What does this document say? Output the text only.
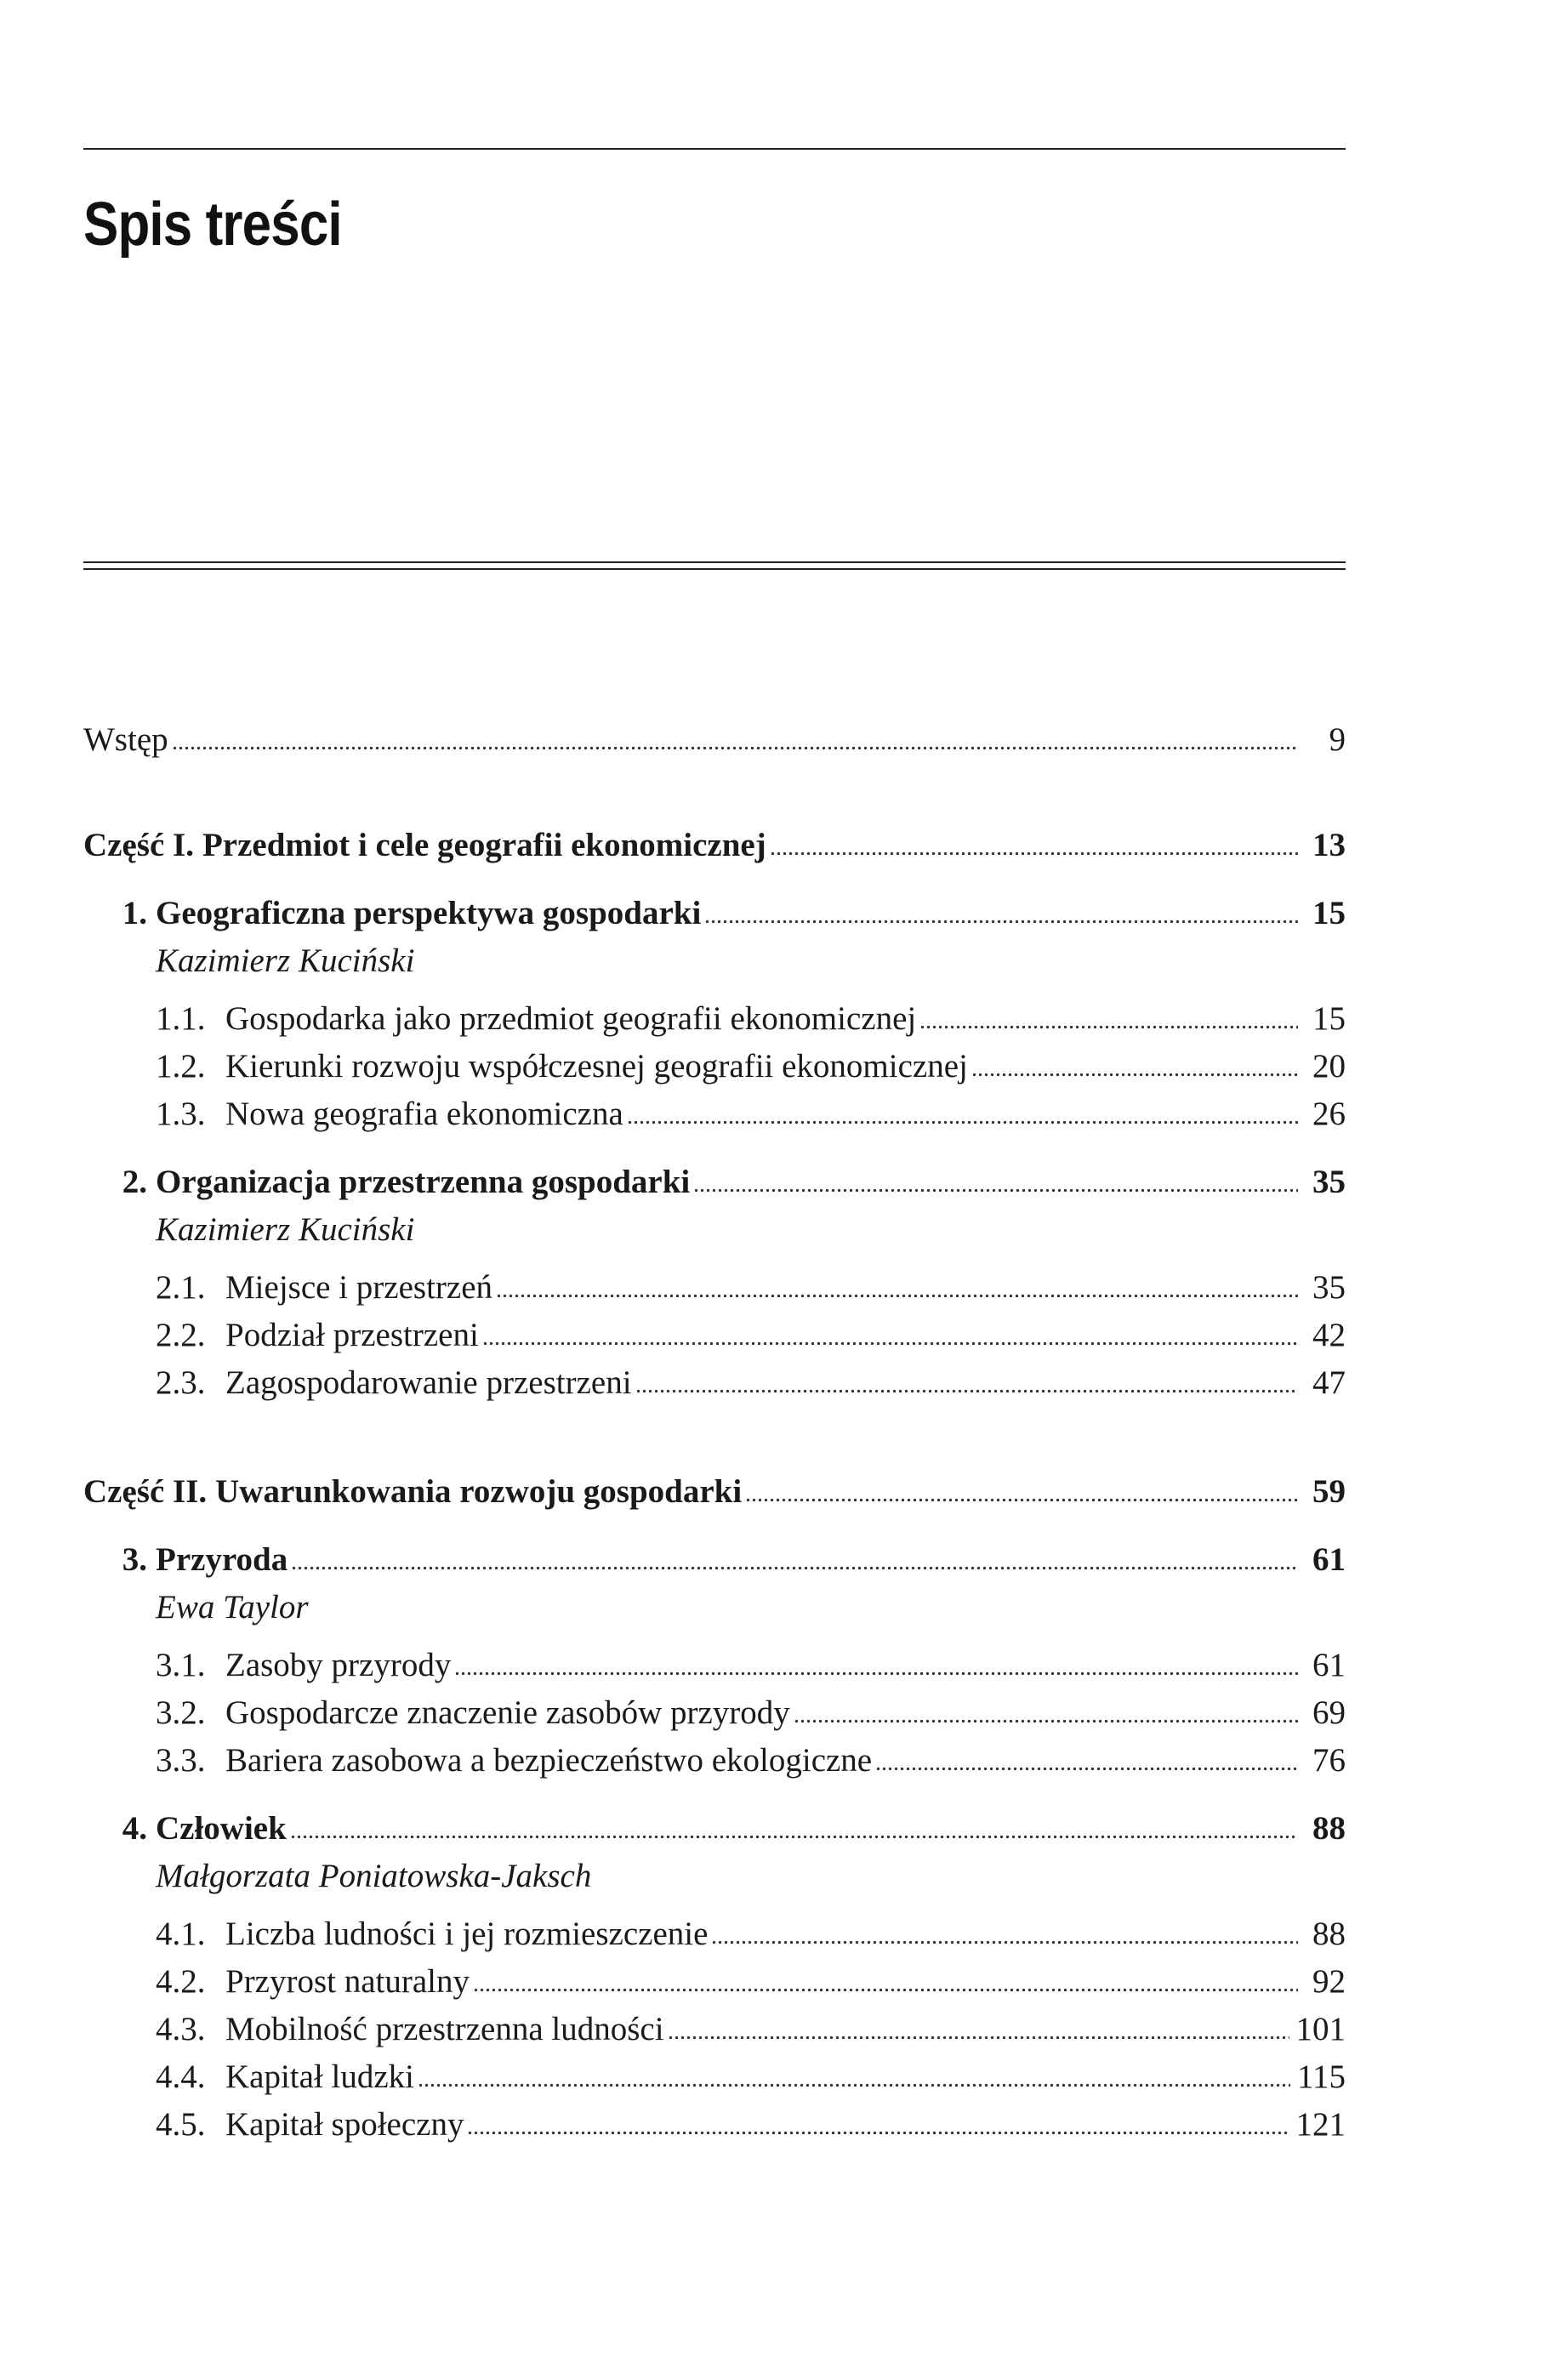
Spis treści
Wstęp	9
Część I. Przedmiot i cele geografii ekonomicznej	13
1. Geograficzna perspektywa gospodarki	15
Kazimierz Kuciński
1.1. Gospodarka jako przedmiot geografii ekonomicznej	15
1.2. Kierunki rozwoju współczesnej geografii ekonomicznej	20
1.3. Nowa geografia ekonomiczna	26
2. Organizacja przestrzenna gospodarki	35
Kazimierz Kuciński
2.1. Miejsce i przestrzeń	35
2.2. Podział przestrzeni	42
2.3. Zagospodarowanie przestrzeni	47
Część II. Uwarunkowania rozwoju gospodarki	59
3. Przyroda	61
Ewa Taylor
3.1. Zasoby przyrody	61
3.2. Gospodarcze znaczenie zasobów przyrody	69
3.3. Bariera zasobowa a bezpieczeństwo ekologiczne	76
4. Człowiek	88
Małgorzata Poniatowska-Jaksch
4.1. Liczba ludności i jej rozmieszczenie	88
4.2. Przyrost naturalny	92
4.3. Mobilność przestrzenna ludności	101
4.4. Kapitał ludzki	115
4.5. Kapitał społeczny	121
